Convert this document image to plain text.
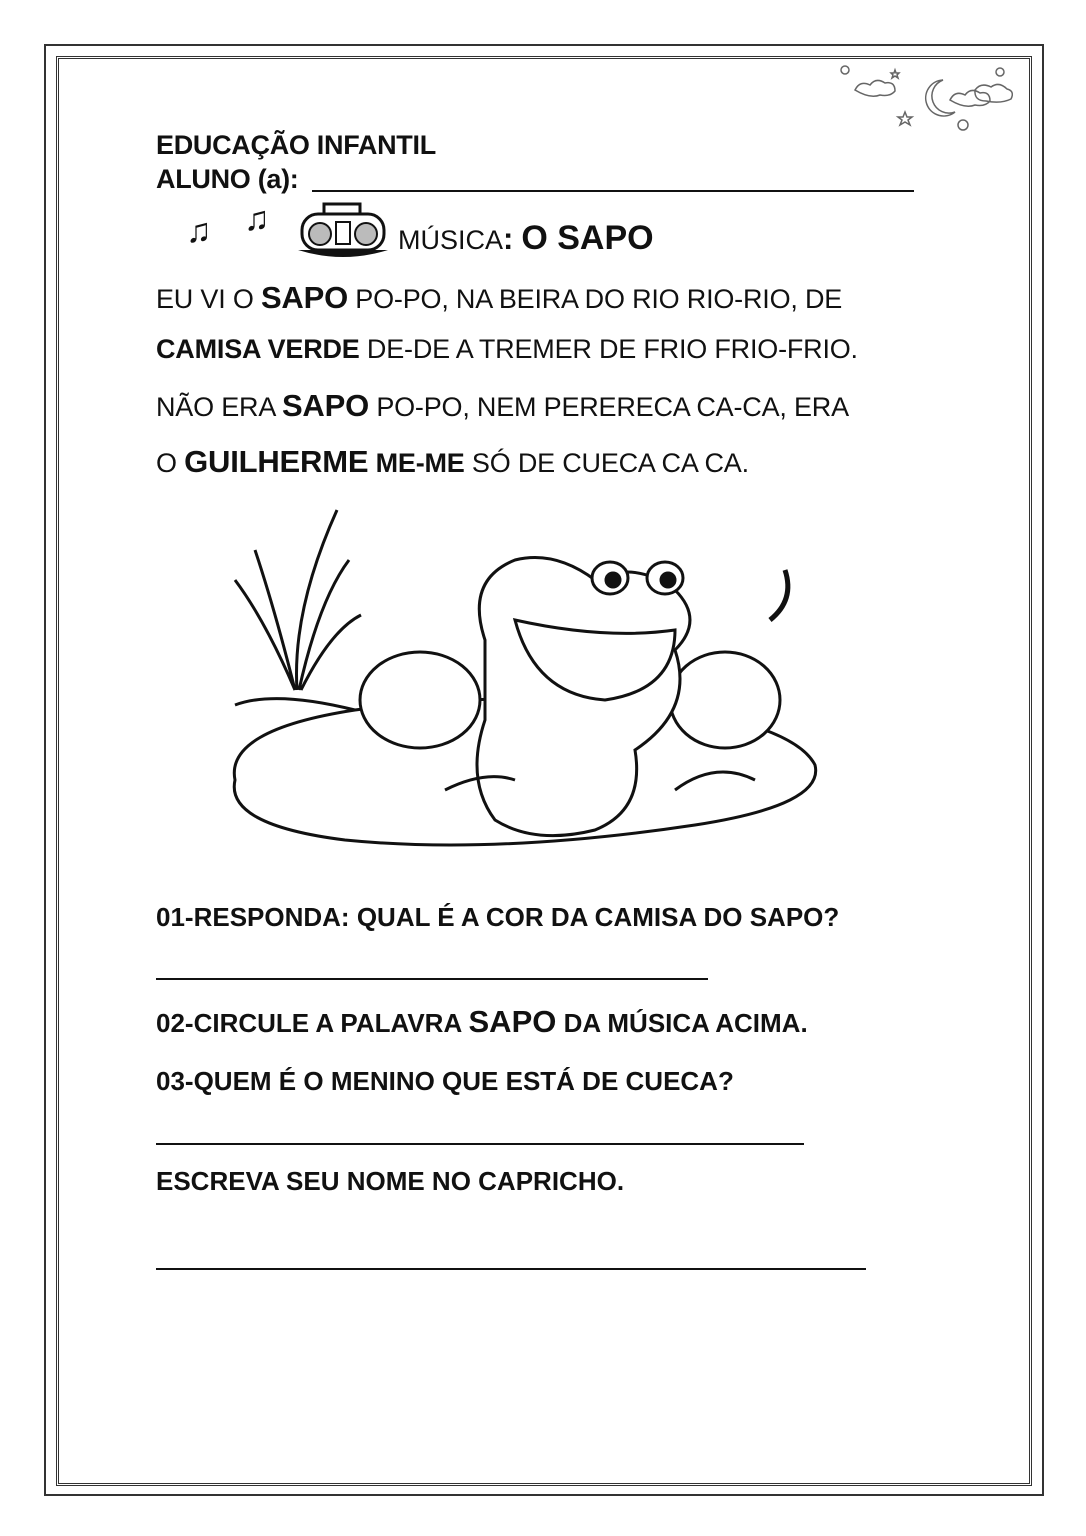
EDUCAÇÃO INFANTIL
ALUNO (a):
♫ ♫
MÚSICA: O SAPO
EU VI O SAPO PO-PO, NA BEIRA DO RIO RIO-RIO, DE
CAMISA VERDE DE-DE A TREMER DE FRIO FRIO-FRIO.
NÃO ERA SAPO PO-PO, NEM PERERECA CA-CA, ERA
O GUILHERME ME-ME SÓ DE CUECA CA CA.
01-RESPONDA: QUAL É A COR DA CAMISA DO SAPO?
02-CIRCULE A PALAVRA SAPO DA MÚSICA ACIMA.
03-QUEM É O MENINO QUE ESTÁ DE CUECA?
ESCREVA SEU NOME NO CAPRICHO.
